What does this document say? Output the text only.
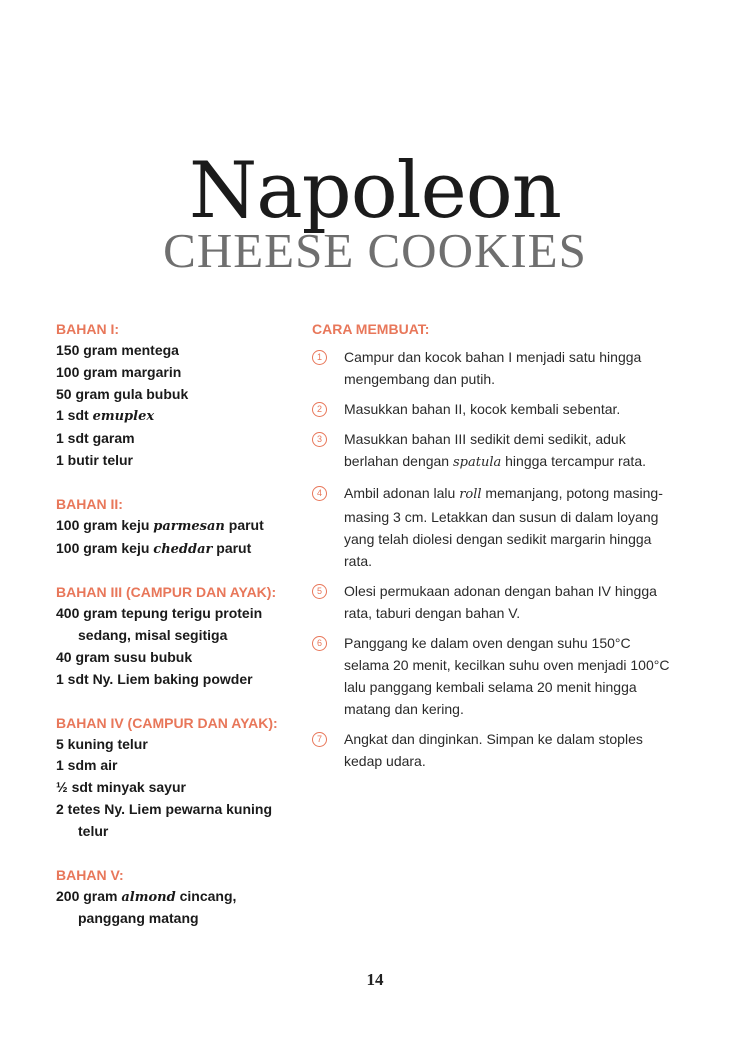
Napoleon
CHEESE COOKIES
BAHAN I:
150 gram mentega
100 gram margarin
50 gram gula bubuk
1 sdt emuplex
1 sdt garam
1 butir telur
BAHAN II:
100 gram keju parmesan parut
100 gram keju cheddar parut
BAHAN III (CAMPUR DAN AYAK):
400 gram tepung terigu protein sedang, misal segitiga
40 gram susu bubuk
1 sdt Ny. Liem baking powder
BAHAN IV (CAMPUR DAN AYAK):
5 kuning telur
1 sdm air
½ sdt minyak sayur
2 tetes Ny. Liem pewarna kuning telur
BAHAN V:
200 gram almond cincang, panggang matang
CARA MEMBUAT:
1	Campur dan kocok bahan I menjadi satu hingga mengembang dan putih.
2	Masukkan bahan II, kocok kembali sebentar.
3	Masukkan bahan III sedikit demi sedikit, aduk berlahan dengan spatula hingga tercampur rata.
4	Ambil adonan lalu roll memanjang, potong masing-masing 3 cm. Letakkan dan susun di dalam loyang yang telah diolesi dengan sedikit margarin hingga rata.
5	Olesi permukaan adonan dengan bahan IV hingga rata, taburi dengan bahan V.
6	Panggang ke dalam oven dengan suhu 150°C selama 20 menit, kecilkan suhu oven menjadi 100°C lalu panggang kembali selama 20 menit hingga matang dan kering.
7	Angkat dan dinginkan. Simpan ke dalam stoples kedap udara.
14
